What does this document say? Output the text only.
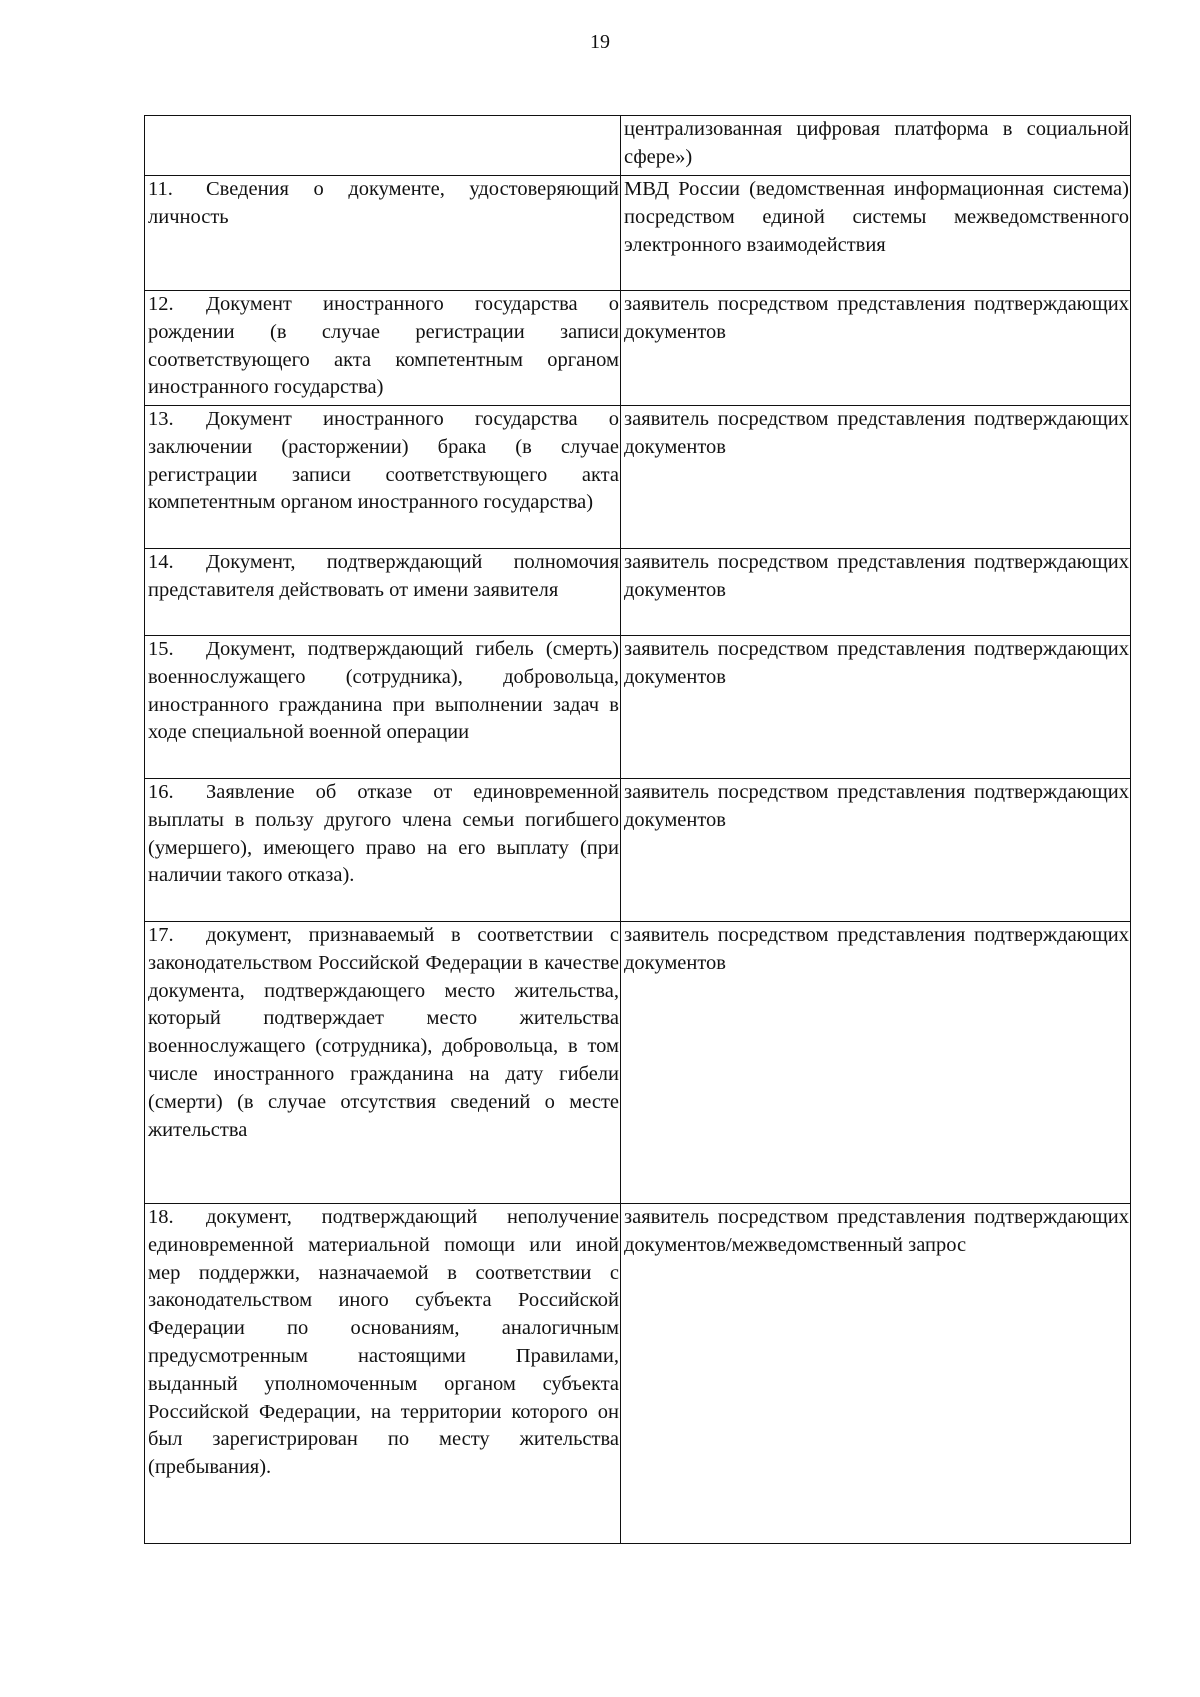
19

	централизованная цифровая платформа в социальной сфере»)

11. Сведения о документе, удостоверяющий личность	МВД России (ведомственная информационная система) посредством единой системы межведомственного электронного взаимодействия

12. Документ иностранного государства о рождении (в случае регистрации записи соответствующего акта компетентным органом иностранного государства)	заявитель посредством представления подтверждающих документов

13. Документ иностранного государства о заключении (расторжении) брака (в случае регистрации записи соответствующего акта компетентным органом иностранного государства)	заявитель посредством представления подтверждающих документов

14. Документ, подтверждающий полномочия представителя действовать от имени заявителя	заявитель посредством представления подтверждающих документов

15. Документ, подтверждающий гибель (смерть) военнослужащего (сотрудника), добровольца, иностранного гражданина при выполнении задач в ходе специальной военной операции	заявитель посредством представления подтверждающих документов

16. Заявление об отказе от единовременной выплаты в пользу другого члена семьи погибшего (умершего), имеющего право на его выплату (при наличии такого отказа).	заявитель посредством представления подтверждающих документов

17. документ, признаваемый в соответствии с законодательством Российской Федерации в качестве документа, подтверждающего место жительства, который подтверждает место жительства военнослужащего (сотрудника), добровольца, в том числе иностранного гражданина на дату гибели (смерти) (в случае отсутствия сведений о месте жительства	заявитель посредством представления подтверждающих документов

18. документ, подтверждающий неполучение единовременной материальной помощи или иной мер поддержки, назначаемой в соответствии с законодательством иного субъекта Российской Федерации по основаниям, аналогичным предусмотренным настоящими Правилами, выданный уполномоченным органом субъекта Российской Федерации, на территории которого он был зарегистрирован по месту жительства (пребывания).	заявитель посредством представления подтверждающих документов/межведомственный запрос
